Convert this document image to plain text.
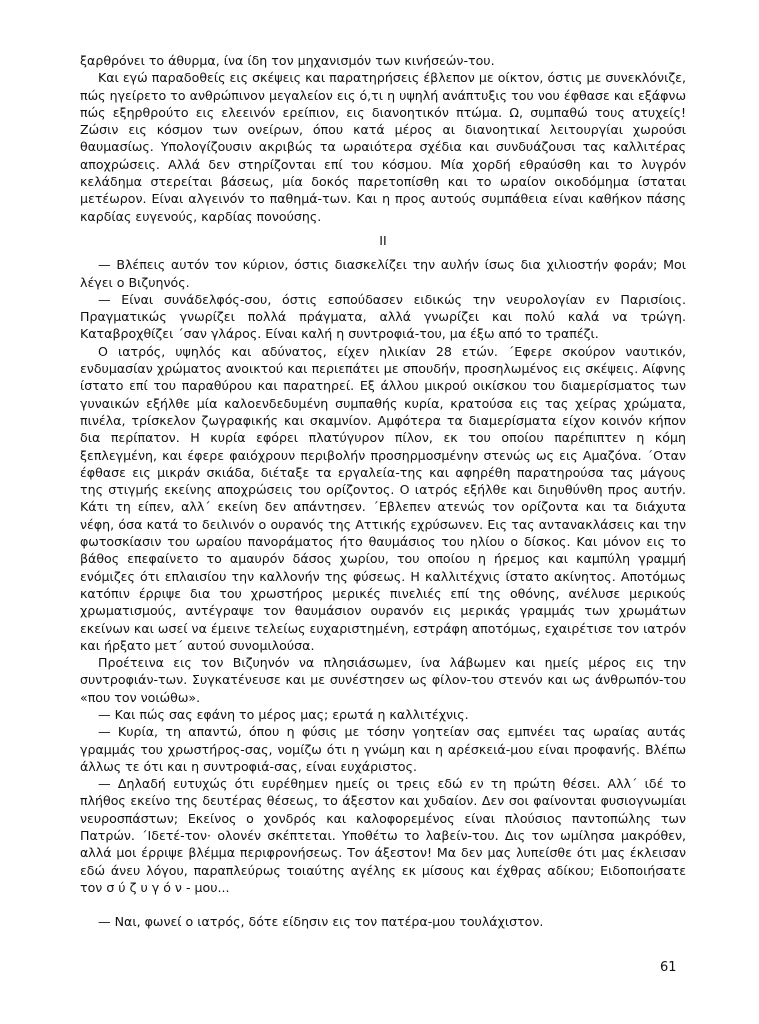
ξαρθρόνει το άθυρμα, ίνα ίδη τον μηχανισμόν των κινήσεών-του.

Και εγώ παραδοθείς εις σκέψεις και παρατηρήσεις έβλεπον με οίκτον, όστις με συνεκλόνιζε, πώς ηγείρετο το ανθρώπινον μεγαλείον εις ό,τι η υψηλή ανάπτυξις του νου έφθασε και εξάφνω πώς εξηρθρούτο εις ελεεινόν ερείπιον, εις διανοητικόν πτώμα. Ω, συμπαθώ τους ατυχείς! Ζώσιν εις κόσμον των ονείρων, όπου κατά μέρος αι διανοητικαί λειτουργίαι χωρούσι θαυμασίως. Υπολογίζουσιν ακριβώς τα ωραιότερα σχέδια και συνδυάζουσι τας καλλιτέρας αποχρώσεις. Αλλά δεν στηρίζονται επί του κόσμου. Μία χορδή εθραύσθη και το λυγρόν κελάδημα στερείται βάσεως, μία δοκός παρετοπίσθη και το ωραίον οικοδόμημα ίσταται μετέωρον. Είναι αλγεινόν το παθημά-των. Και η προς αυτούς συμπάθεια είναι καθήκον πάσης καρδίας ευγενούς, καρδίας πονούσης.

II

— Βλέπεις αυτόν τον κύριον, όστις διασκελίζει την αυλήν ίσως δια χιλιοστήν φοράν; Μοι λέγει ο Βιζυηνός.

— Είναι συνάδελφός-σου, όστις εσπούδασεν ειδικώς την νευρολογίαν εν Παρισίοις. Πραγματικώς γνωρίζει πολλά πράγματα, αλλά γνωρίζει και πολύ καλά να τρώγη. Καταβροχθίζει ΄σαν γλάρος. Είναι καλή η συντροφιά-του, μα έξω από το τραπέζι.

Ο ιατρός, υψηλός και αδύνατος, είχεν ηλικίαν 28 ετών. ΄Εφερε σκούρον ναυτικόν, ενδυμασίαν χρώματος ανοικτού και περιεπάτει με σπουδήν, προσηλωμένος εις σκέψεις. Αίφνης ίστατο επί του παραθύρου και παρατηρεί. Εξ άλλου μικρού οικίσκου του διαμερίσματος των γυναικών εξήλθε μία καλοενδεδυμένη συμπαθής κυρία, κρατούσα εις τας χείρας χρώματα, πινέλα, τρίσκελον ζωγραφικής και σκαμνίον. Αμφότερα τα διαμερίσματα είχον κοινόν κήπον δια περίπατον. Η κυρία εφόρει πλατύγυρον πίλον, εκ του οποίου παρέπιπτεν η κόμη ξεπλεγμένη, και έφερε φαιόχρουν περιβολήν προσηρμοσμένην στενώς ως εις Αμαζόνα. ΄Οταν έφθασε εις μικράν σκιάδα, διέταξε τα εργαλεία-της και αφηρέθη παρατηρούσα τας μάγους της στιγμής εκείνης αποχρώσεις του ορίζοντος. Ο ιατρός εξήλθε και διηυθύνθη προς αυτήν. Κάτι τη είπεν, αλλ΄ εκείνη δεν απάντησεν. ΄Εβλεπεν ατενώς τον ορίζοντα και τα διάχυτα νέφη, όσα κατά το δειλινόν ο ουρανός της Αττικής εχρύσωνεν. Εις τας αντανακλάσεις και την φωτοσκίασιν του ωραίου πανοράματος ήτο θαυμάσιος του ηλίου ο δίσκος. Και μόνον εις το βάθος επεφαίνετο το αμαυρόν δάσος χωρίου, του οποίου η ήρεμος και καμπύλη γραμμή ενόμιζες ότι επλαισίου την καλλονήν της φύσεως. Η καλλιτέχνις ίστατο ακίνητος. Αποτόμως κατόπιν έρριψε δια του χρωστήρος μερικές πινελιές επί της οθόνης, ανέλυσε μερικούς χρωματισμούς, αντέγραψε τον θαυμάσιον ουρανόν εις μερικάς γραμμάς των χρωμάτων εκείνων και ωσεί να έμεινε τελείως ευχαριστημένη, εστράφη αποτόμως, εχαιρέτισε τον ιατρόν και ήρξατο μετ΄ αυτού συνομιλούσα.

Προέτεινα εις τον Βιζυηνόν να πλησιάσωμεν, ίνα λάβωμεν και ημείς μέρος εις την συντροφιάν-των. Συγκατένευσε και με συνέστησεν ως φίλον-του στενόν και ως άνθρωπόν-του «που τον νοιώθω».

— Και πώς σας εφάνη το μέρος μας; ερωτά η καλλιτέχνις.

— Κυρία, τη απαντώ, όπου η φύσις με τόσην γοητείαν σας εμπνέει τας ωραίας αυτάς γραμμάς του χρωστήρος-σας, νομίζω ότι η γνώμη και η αρέσκειά-μου είναι προφανής. Βλέπω άλλως τε ότι και η συντροφιά-σας, είναι ευχάριστος.

— Δηλαδή ευτυχώς ότι ευρέθημεν ημείς οι τρεις εδώ εν τη πρώτη θέσει. Αλλ΄ ιδέ το πλήθος εκείνο της δευτέρας θέσεως, το άξεστον και χυδαίον. Δεν σοι φαίνονται φυσιογνωμίαι νευροσπάστων; Εκείνος ο χονδρός και καλοφορεμένος είναι πλούσιος παντοπώλης των Πατρών. ΄Ιδετέ-τον· ολονέν σκέπτεται. Υποθέτω το λαβείν-του. Δις τον ωμίλησα μακρόθεν, αλλά μοι έρριψε βλέμμα περιφρονήσεως. Τον άξεστον! Μα δεν μας λυπείσθε ότι μας έκλεισαν εδώ άνευ λόγου, παραπλεύρως τοιαύτης αγέλης εκ μίσους και έχθρας αδίκου; Ειδοποιήσατε τον σ ύ ζ υ γ ό ν - μου...

— Ναι, φωνεί ο ιατρός, δότε είδησιν εις τον πατέρα-μου τουλάχιστον.

61
